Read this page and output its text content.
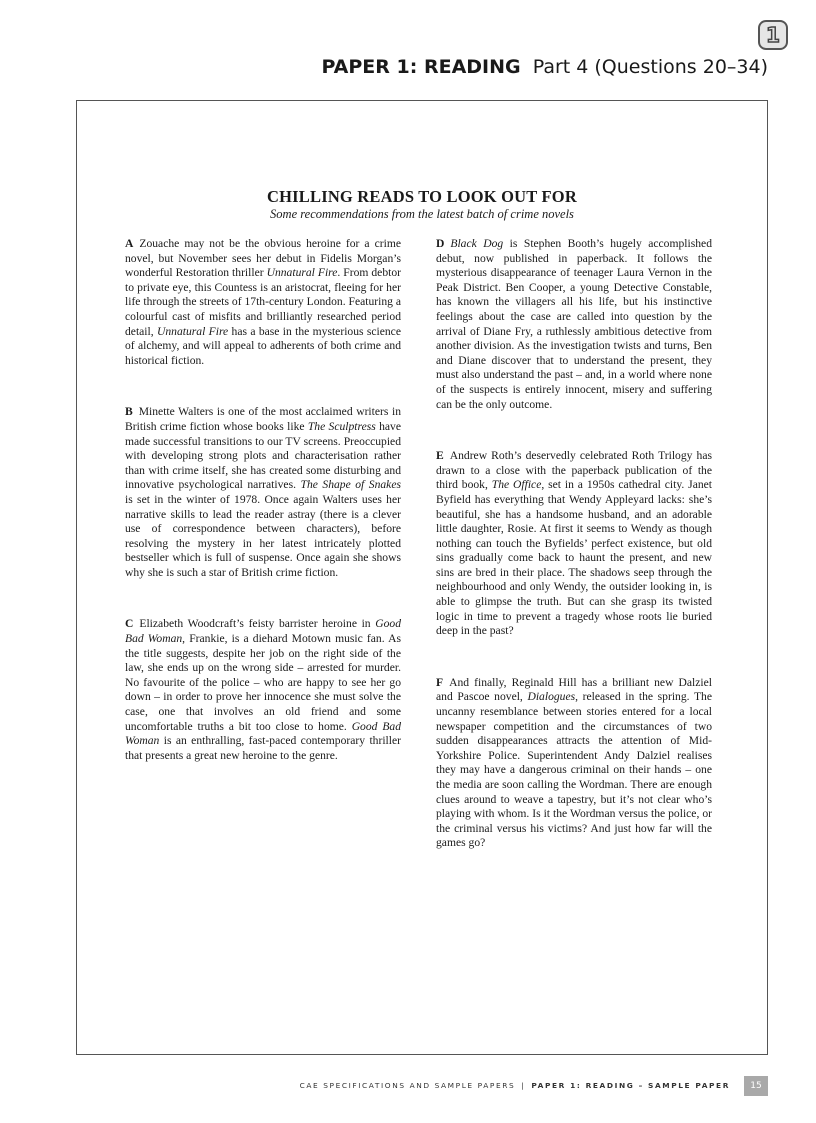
1
PAPER 1: READING Part 4 (Questions 20–34)
CHILLING READS TO LOOK OUT FOR

Some recommendations from the latest batch of crime novels

A Zouache may not be the obvious heroine for a crime novel, but November sees her debut in Fidelis Morgan’s wonderful Restoration thriller Unnatural Fire. From debtor to private eye, this Countess is an aristocrat, fleeing for her life through the streets of 17th-century London. Featuring a colourful cast of misfits and brilliantly researched period detail, Unnatural Fire has a base in the mysterious science of alchemy, and will appeal to adherents of both crime and historical fiction.

B Minette Walters is one of the most acclaimed writers in British crime fiction whose books like The Sculptress have made successful transitions to our TV screens. Preoccupied with developing strong plots and characterisation rather than with crime itself, she has created some disturbing and innovative psychological narratives. The Shape of Snakes is set in the winter of 1978. Once again Walters uses her narrative skills to lead the reader astray (there is a clever use of correspondence between characters), before resolving the mystery in her latest intricately plotted bestseller which is full of suspense. Once again she shows why she is such a star of British crime fiction.

C Elizabeth Woodcraft’s feisty barrister heroine in Good Bad Woman, Frankie, is a diehard Motown music fan. As the title suggests, despite her job on the right side of the law, she ends up on the wrong side – arrested for murder. No favourite of the police – who are happy to see her go down – in order to prove her innocence she must solve the case, one that involves an old friend and some uncomfortable truths a bit too close to home. Good Bad Woman is an enthralling, fast-paced contemporary thriller that presents a great new heroine to the genre.

D Black Dog is Stephen Booth’s hugely accomplished debut, now published in paperback. It follows the mysterious disappearance of teenager Laura Vernon in the Peak District. Ben Cooper, a young Detective Constable, has known the villagers all his life, but his instinctive feelings about the case are called into question by the arrival of Diane Fry, a ruthlessly ambitious detective from another division. As the investigation twists and turns, Ben and Diane discover that to understand the present, they must also understand the past – and, in a world where none of the suspects is entirely innocent, misery and suffering can be the only outcome.

E Andrew Roth’s deservedly celebrated Roth Trilogy has drawn to a close with the paperback publication of the third book, The Office, set in a 1950s cathedral city. Janet Byfield has everything that Wendy Appleyard lacks: she’s beautiful, she has a handsome husband, and an adorable little daughter, Rosie. At first it seems to Wendy as though nothing can touch the Byfields’ perfect existence, but old sins gradually come back to haunt the present, and new sins are bred in their place. The shadows seep through the neighbourhood and only Wendy, the outsider looking in, is able to glimpse the truth. But can she grasp its twisted logic in time to prevent a tragedy whose roots lie buried deep in the past?

F And finally, Reginald Hill has a brilliant new Dalziel and Pascoe novel, Dialogues, released in the spring. The uncanny resemblance between stories entered for a local newspaper competition and the circumstances of two sudden disappearances attracts the attention of Mid-Yorkshire Police. Superintendent Andy Dalziel realises they may have a dangerous criminal on their hands – one the media are soon calling the Wordman. There are enough clues around to weave a tapestry, but it’s not clear who’s playing with whom. Is it the Wordman versus the police, or the criminal versus his victims? And just how far will the games go?

CAE SPECIFICATIONS AND SAMPLE PAPERS | PAPER 1: READING – SAMPLE PAPER	15
